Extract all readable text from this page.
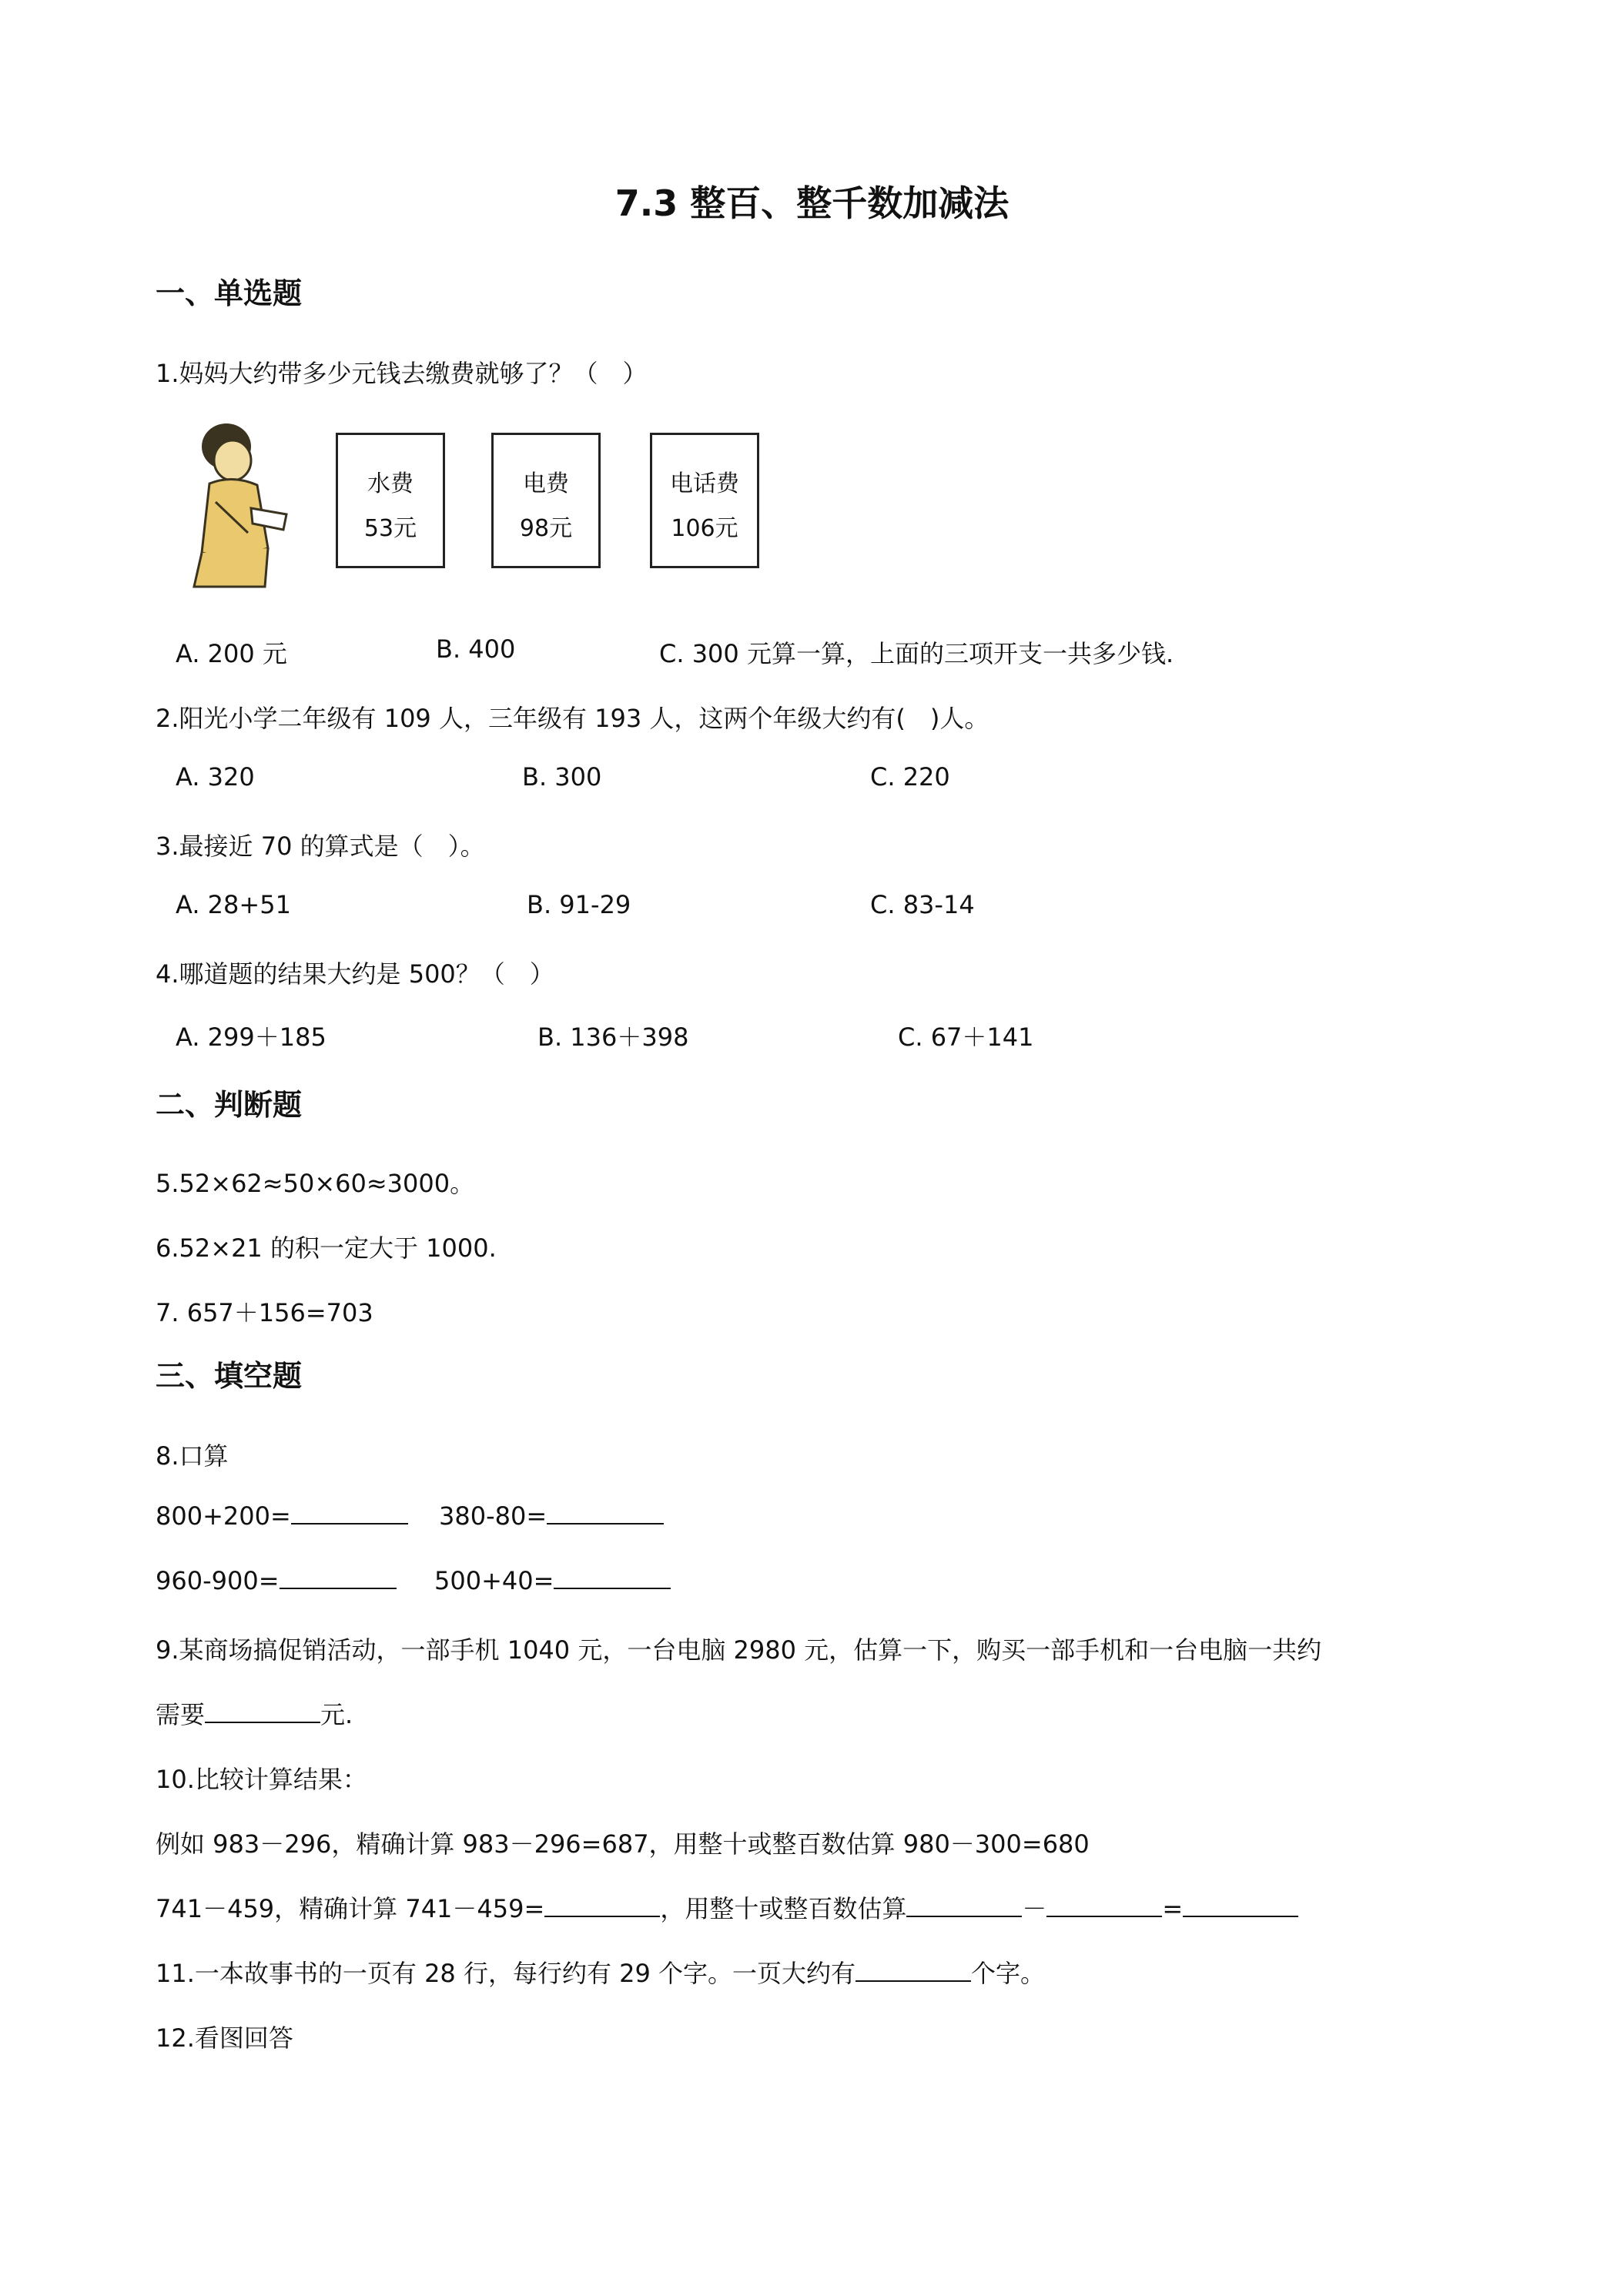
7.3 整百、整千数加减法
一、单选题
1.妈妈大约带多少元钱去缴费就够了？（　）
水费
53元
电费
98元
电话费
106元
A. 200 元	B. 400	C. 300 元算一算，上面的三项开支一共多少钱.
2.阳光小学二年级有 109 人，三年级有 193 人，这两个年级大约有(　)人。
A. 320	B. 300	C. 220
3.最接近 70 的算式是（　）。
A. 28+51	B. 91-29	C. 83-14
4.哪道题的结果大约是 500？（　）
A. 299＋185	B. 136＋398	C. 67＋141
二、判断题
5.52×62≈50×60≈3000。
6.52×21 的积一定大于 1000.
7. 657＋156=703
三、填空题
8.口算
800+200=	380-80=
960-900=	500+40=
9.某商场搞促销活动，一部手机 1040 元，一台电脑 2980 元，估算一下，购买一部手机和一台电脑一共约
需要	元.
10.比较计算结果：
例如 983－296，精确计算 983－296=687，用整十或整百数估算 980－300=680
741－459，精确计算 741－459=	，用整十或整百数估算	－	=
11.一本故事书的一页有 28 行，每行约有 29 个字。一页大约有	个字。
12.看图回答
